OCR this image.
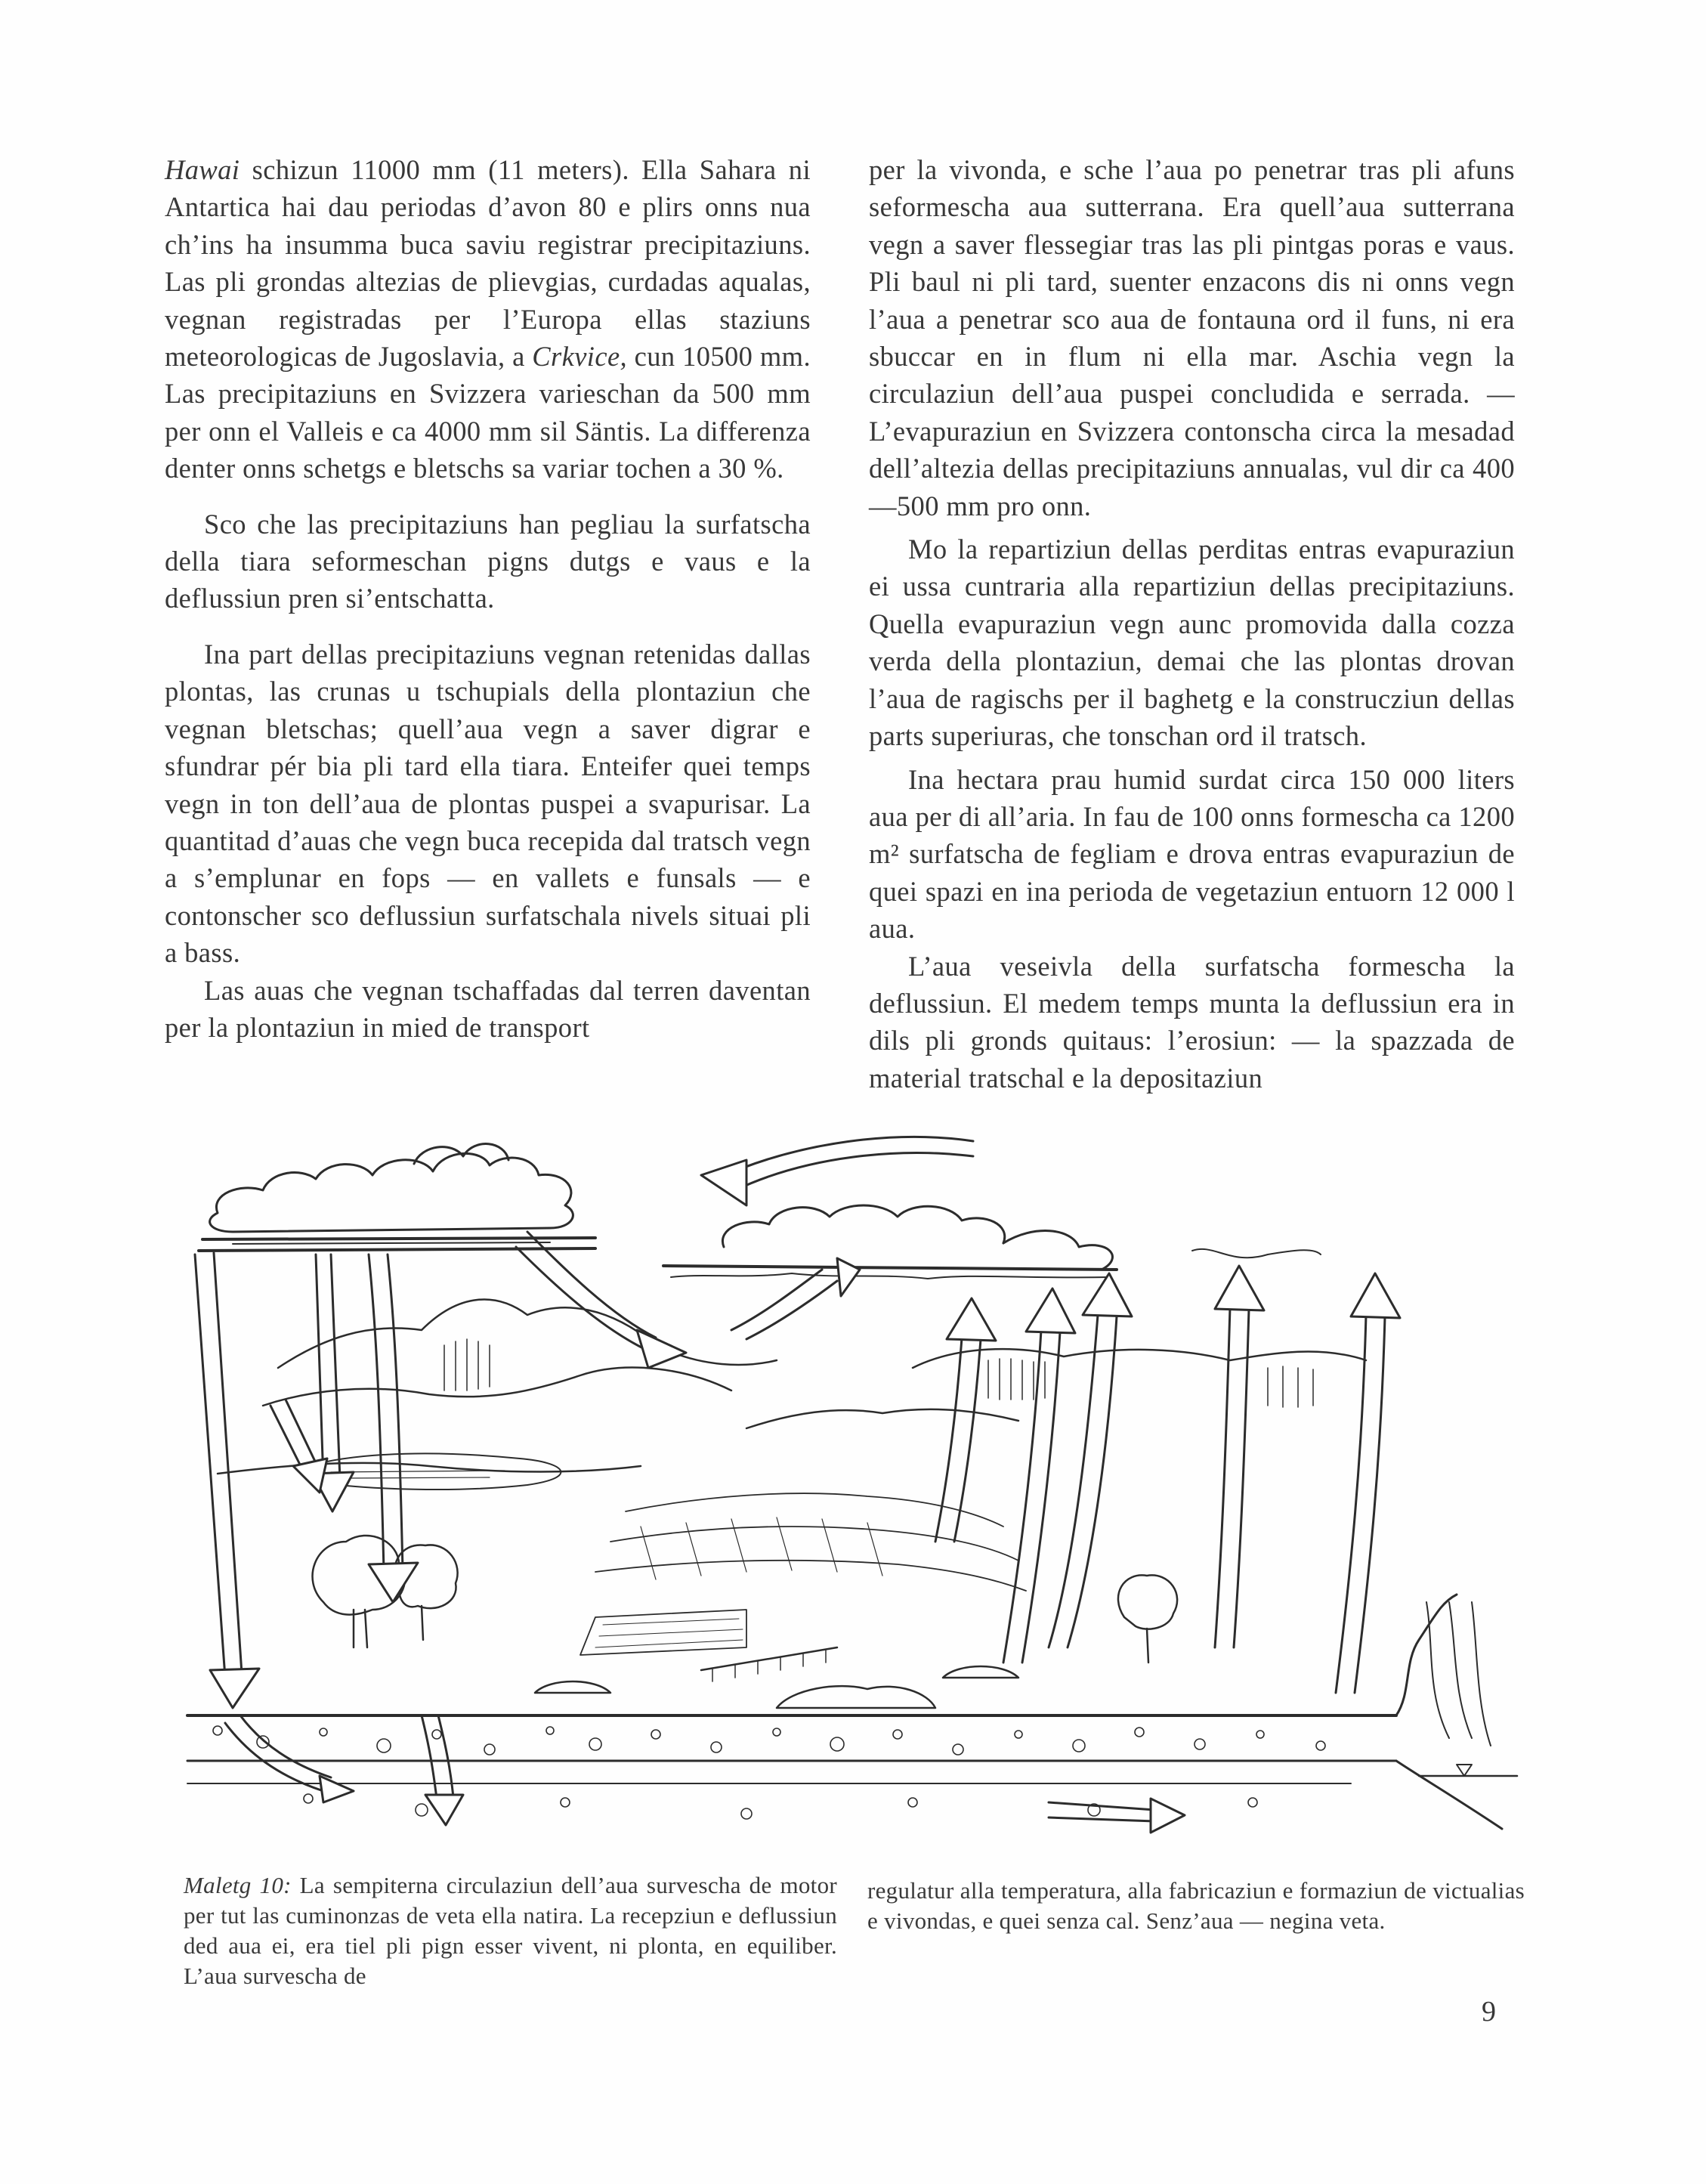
Hawai schizun 11000 mm (11 meters). Ella Sahara ni Antartica hai dau periodas d’avon 80 e plirs onns nua ch’ins ha insumma buca saviu registrar precipitaziuns. Las pli grondas altezias de plievgias, curdadas aqualas, vegnan registradas per l’Europa ellas staziuns meteorologicas de Jugoslavia, a Crkvice, cun 10500 mm. Las precipitaziuns en Svizzera varieschan da 500 mm per onn el Valleis e ca 4000 mm sil Säntis. La differenza denter onns schetgs e bletschs sa variar tochen a 30 %.

Sco che las precipitaziuns han pegliau la surfatscha della tiara seformeschan pigns dutgs e vaus e la deflussiun pren si’entschatta.

Ina part dellas precipitaziuns vegnan retenidas dallas plontas, las crunas u tschupials della plontaziun che vegnan bletschas; quell’aua vegn a saver digrar e sfundrar pér bia pli tard ella tiara. Enteifer quei temps vegn in ton dell’aua de plontas puspei a svapurisar. La quantitad d’auas che vegn buca recepida dal tratsch vegn a s’emplunar en fops — en vallets e funsals — e contonscher sco deflussiun surfatschala nivels situai pli a bass.

Las auas che vegnan tschaffadas dal terren daventan per la plontaziun in mied de transport

per la vivonda, e sche l’aua po penetrar tras pli afuns seformescha aua sutterrana. Era quell’aua sutterrana vegn a saver flessegiar tras las pli pintgas poras e vaus. Pli baul ni pli tard, suenter enzacons dis ni onns vegn l’aua a penetrar sco aua de fontauna ord il funs, ni era sbuccar en in flum ni ella mar. Aschia vegn la circulaziun dell’aua puspei concludida e serrada. — L’evapuraziun en Svizzera contonscha circa la mesadad dell’altezia dellas precipitaziuns annualas, vul dir ca 400—500 mm pro onn.

Mo la repartiziun dellas perditas entras evapuraziun ei ussa cuntraria alla repartiziun dellas precipitaziuns. Quella evapuraziun vegn aunc promovida dalla cozza verda della plontaziun, demai che las plontas drovan l’aua de ragischs per il baghetg e la construcziun dellas parts superiuras, che tonschan ord il tratsch.

Ina hectara prau humid surdat circa 150 000 liters aua per di all’aria. In fau de 100 onns formescha ca 1200 m² surfatscha de fegliam e drova entras evapuraziun de quei spazi en ina perioda de vegetaziun entuorn 12 000 l aua.

L’aua veseivla della surfatscha formescha la deflussiun. El medem temps munta la deflussiun era in dils pli gronds quitaus: l’erosiun: — la spazzada de material tratschal e la depositaziun

Maletg 10: La sempiterna circulaziun dell’aua survescha de motor per tut las cuminonzas de veta ella natira. La recepziun e deflussiun ded aua ei, era tiel pli pign esser vivent, ni plonta, en equiliber. L’aua survescha de
regulatur alla temperatura, alla fabricaziun e formaziun de victualias e vivondas, e quei senza cal. Senz’aua — negina veta.
9
